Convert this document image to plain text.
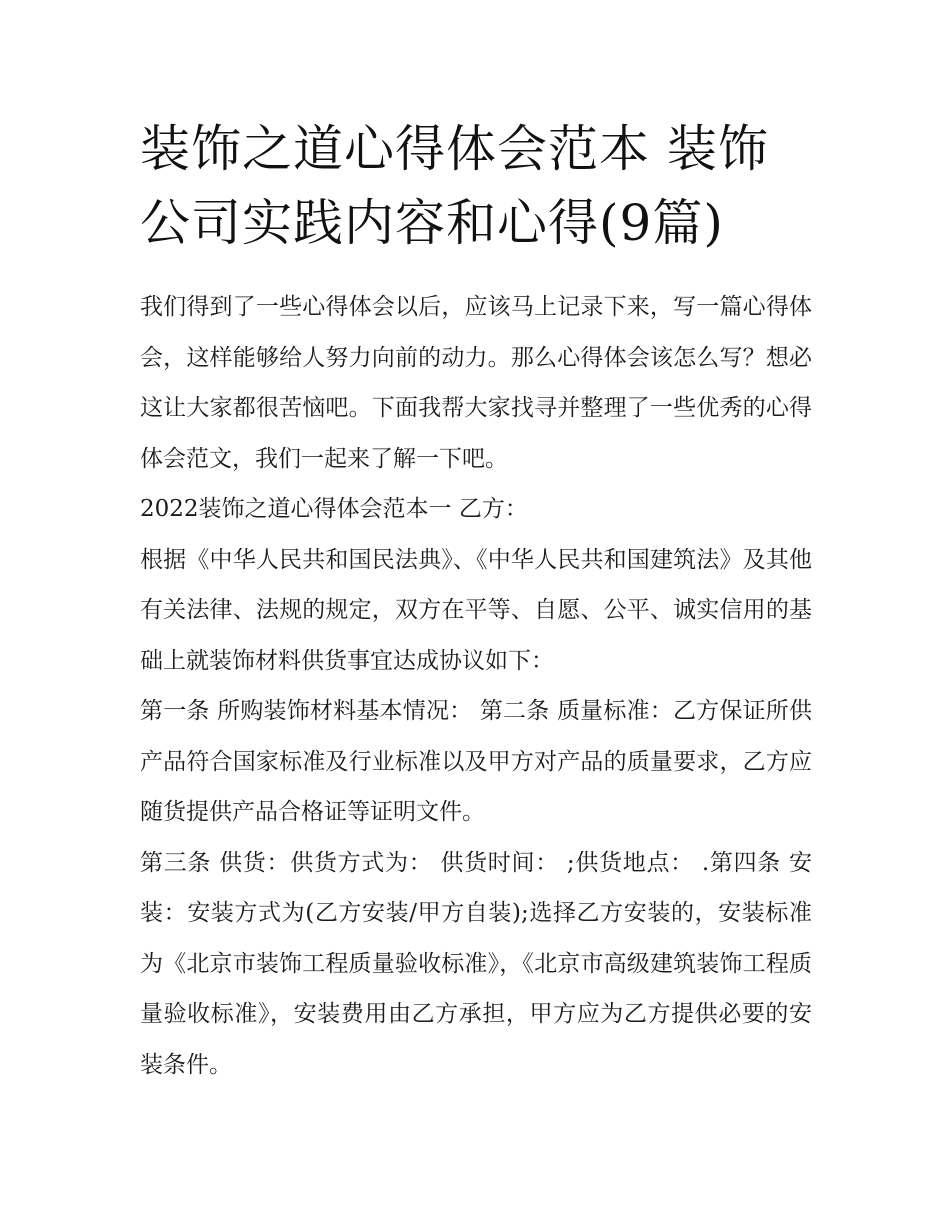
装饰之道心得体会范本 装饰公司实践内容和心得(9篇)

我们得到了一些心得体会以后，应该马上记录下来，写一篇心得体会，这样能够给人努力向前的动力。那么心得体会该怎么写？想必这让大家都很苦恼吧。下面我帮大家找寻并整理了一些优秀的心得体会范文，我们一起来了解一下吧。

2022装饰之道心得体会范本一 乙方：

根据《中华人民共和国民法典》、《中华人民共和国建筑法》及其他有关法律、法规的规定，双方在平等、自愿、公平、诚实信用的基础上就装饰材料供货事宜达成协议如下：

第一条 所购装饰材料基本情况： 第二条 质量标准：乙方保证所供产品符合国家标准及行业标准以及甲方对产品的质量要求，乙方应随货提供产品合格证等证明文件。

第三条 供货：供货方式为： 供货时间： ;供货地点： .第四条 安装：安装方式为(乙方安装/甲方自装);选择乙方安装的，安装标准为《北京市装饰工程质量验收标准》，《北京市高级建筑装饰工程质量验收标准》，安装费用由乙方承担，甲方应为乙方提供必要的安装条件。
